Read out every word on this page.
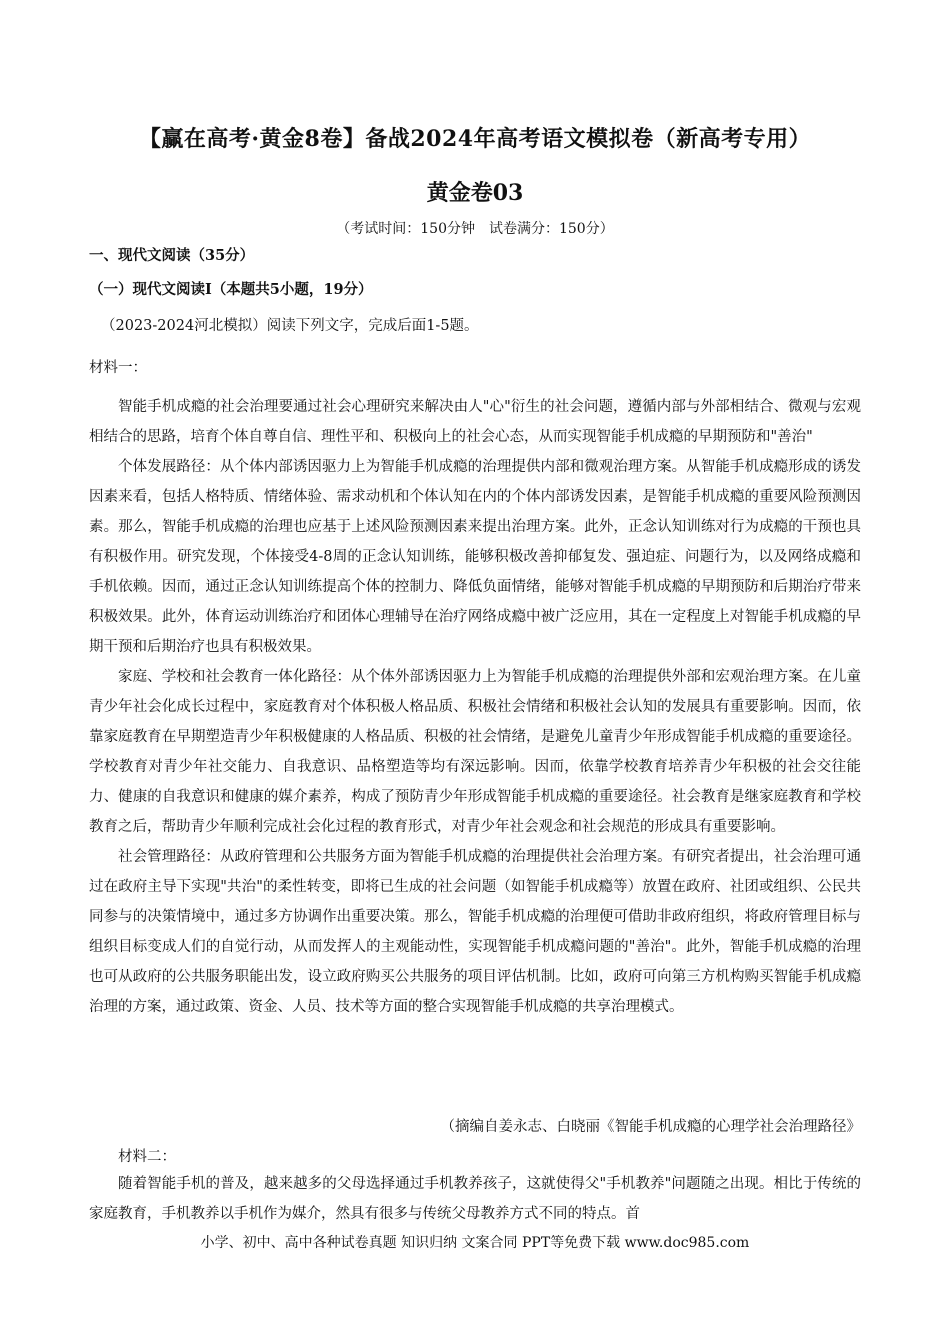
【赢在高考·黄金8卷】备战2024年高考语文模拟卷（新高考专用）
黄金卷03
（考试时间：150分钟　试卷满分：150分）
一、现代文阅读（35分）
（一）现代文阅读Ⅰ（本题共5小题，19分）
（2023-2024河北模拟）阅读下列文字，完成后面1-5题。
材料一：

智能手机成瘾的社会治理要通过社会心理研究来解决由人"心"衍生的社会问题，遵循内部与外部相结合、微观与宏观相结合的思路，培育个体自尊自信、理性平和、积极向上的社会心态，从而实现智能手机成瘾的早期预防和"善治"

个体发展路径：从个体内部诱因驱力上为智能手机成瘾的治理提供内部和微观治理方案。从智能手机成瘾形成的诱发因素来看，包括人格特质、情绪体验、需求动机和个体认知在内的个体内部诱发因素，是智能手机成瘾的重要风险预测因素。那么，智能手机成瘾的治理也应基于上述风险预测因素来提出治理方案。此外，正念认知训练对行为成瘾的干预也具有积极作用。研究发现，个体接受4-8周的正念认知训练，能够积极改善抑郁复发、强迫症、问题行为，以及网络成瘾和手机依赖。因而，通过正念认知训练提高个体的控制力、降低负面情绪，能够对智能手机成瘾的早期预防和后期治疗带来积极效果。此外，体育运动训练治疗和团体心理辅导在治疗网络成瘾中被广泛应用，其在一定程度上对智能手机成瘾的早期干预和后期治疗也具有积极效果。

家庭、学校和社会教育一体化路径：从个体外部诱因驱力上为智能手机成瘾的治理提供外部和宏观治理方案。在儿童青少年社会化成长过程中，家庭教育对个体积极人格品质、积极社会情绪和积极社会认知的发展具有重要影响。因而，依靠家庭教育在早期塑造青少年积极健康的人格品质、积极的社会情绪，是避免儿童青少年形成智能手机成瘾的重要途径。学校教育对青少年社交能力、自我意识、品格塑造等均有深远影响。因而，依靠学校教育培养青少年积极的社会交往能力、健康的自我意识和健康的媒介素养，构成了预防青少年形成智能手机成瘾的重要途径。社会教育是继家庭教育和学校教育之后，帮助青少年顺利完成社会化过程的教育形式，对青少年社会观念和社会规范的形成具有重要影响。

社会管理路径：从政府管理和公共服务方面为智能手机成瘾的治理提供社会治理方案。有研究者提出，社会治理可通过在政府主导下实现"共治"的柔性转变，即将已生成的社会问题（如智能手机成瘾等）放置在政府、社团或组织、公民共同参与的决策情境中，通过多方协调作出重要决策。那么，智能手机成瘾的治理便可借助非政府组织，将政府管理目标与组织目标变成人们的自觉行动，从而发挥人的主观能动性，实现智能手机成瘾问题的"善治"。此外，智能手机成瘾的治理也可从政府的公共服务职能出发，设立政府购买公共服务的项目评估机制。比如，政府可向第三方机构购买智能手机成瘾治理的方案，通过政策、资金、人员、技术等方面的整合实现智能手机成瘾的共享治理模式。

（摘编自姜永志、白晓丽《智能手机成瘾的心理学社会治理路径》
材料二：

随着智能手机的普及，越来越多的父母选择通过手机教养孩子，这就使得父"手机教养"问题随之出现。相比于传统的家庭教育，手机教养以手机作为媒介，然具有很多与传统父母教养方式不同的特点。首

小学、初中、高中各种试卷真题 知识归纳 文案合同 PPT等免费下载 www.doc985.com
